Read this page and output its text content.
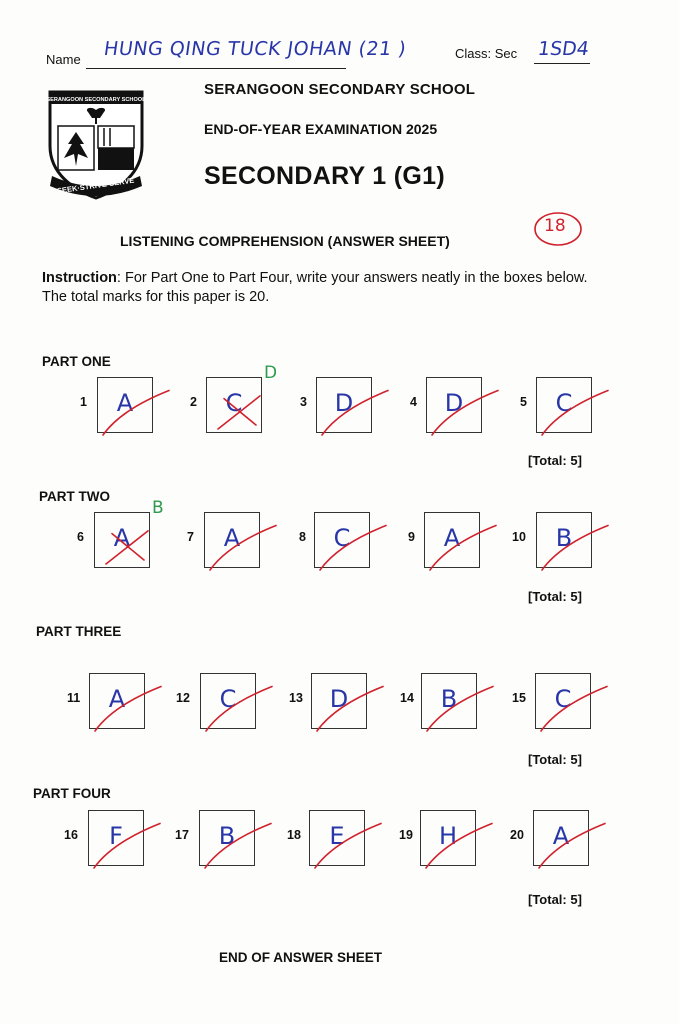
Name HUNG QING TUCK JOHAN (21 )	Class: Sec 1SD4
SERANGOON SECONDARY SCHOOL
SEEK·STRIVE·SERVE
SERANGOON SECONDARY SCHOOL
END-OF-YEAR EXAMINATION 2025
SECONDARY 1 (G1)
LISTENING COMPREHENSION (ANSWER SHEET)
18
Instruction: For Part One to Part Four, write your answers neatly in the boxes below. The total marks for this paper is 20.
PART ONE
1	A	2	C
D
3	D	4	D	5	C
[Total: 5]
PART TWO
6	A
B
7	A	8	C	9	A	10	B
[Total: 5]
PART THREE
11	A	12	C	13	D	14	B	15	C
[Total: 5]
PART FOUR
16	F	17	B	18	E	19	H	20	A
[Total: 5]
END OF ANSWER SHEET
